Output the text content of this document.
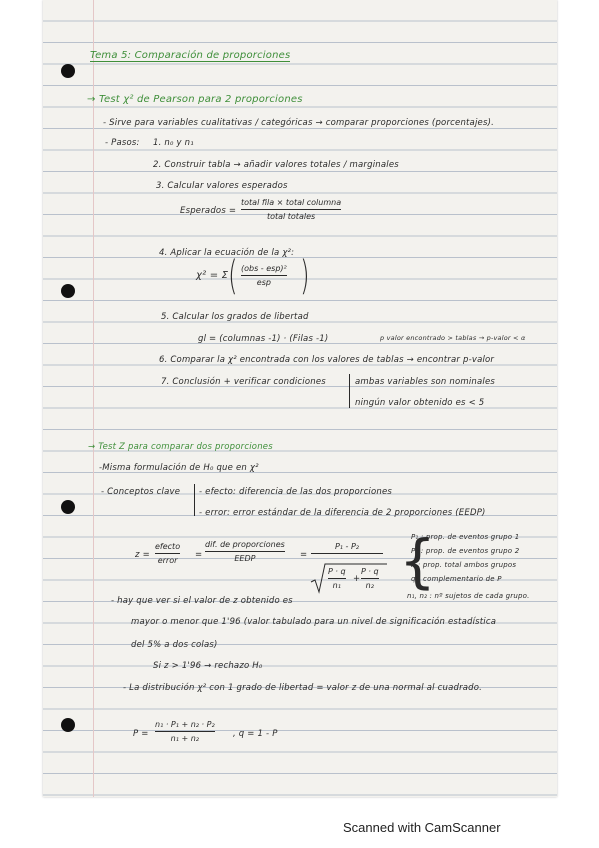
Tema 5: Comparación de proporciones
→ Test χ² de Pearson para 2 proporciones
- Sirve para variables cualitativas / categóricas → comparar proporciones (porcentajes).
- Pasos: 1. n₀ y n₁
2. Construir tabla → añadir valores totales / marginales
3. Calcular valores esperados
Esperados =
total fila × total columna
total totales
4. Aplicar la ecuación de la χ²:
χ² = Σ ( (obs - esp)²
esp )
5. Calcular los grados de libertad
gl = (columnas -1) · (Filas -1)	p valor encontrado > tablas → p-valor < α
6. Comparar la χ² encontrada con los valores de tablas → encontrar p-valor
7. Conclusión + verificar condiciones	ambas variables son nominales
ningún valor obtenido es < 5
→ Test Z para comparar dos proporciones
-Misma formulación de H₀ que en χ²
- Conceptos clave - efecto: diferencia de las dos proporciones
- error: error estándar de la diferencia de 2 proporciones (EEDP)
z =
efecto
error
=
dif. de proporciones
EEDP	=
P₁ - P₂
P · q
n₁
+
P · q
n₂ {
P₁ : prop. de eventos grupo 1
P₂ : prop. de eventos grupo 2
P : prop. total ambos grupos
q : complementario de P
n₁, n₂ : nº sujetos de cada grupo.
- hay que ver si el valor de z obtenido es
mayor o menor que 1'96 (valor tabulado para un nivel de significación estadística
del 5% a dos colas)
Si z > 1'96 → rechazo H₀
- La distribución χ² con 1 grado de libertad = valor z de una normal al cuadrado.
P =
n₁ · P₁ + n₂ · P₂
n₁ + n₂	, q = 1 - P
Scanned with CamScanner
